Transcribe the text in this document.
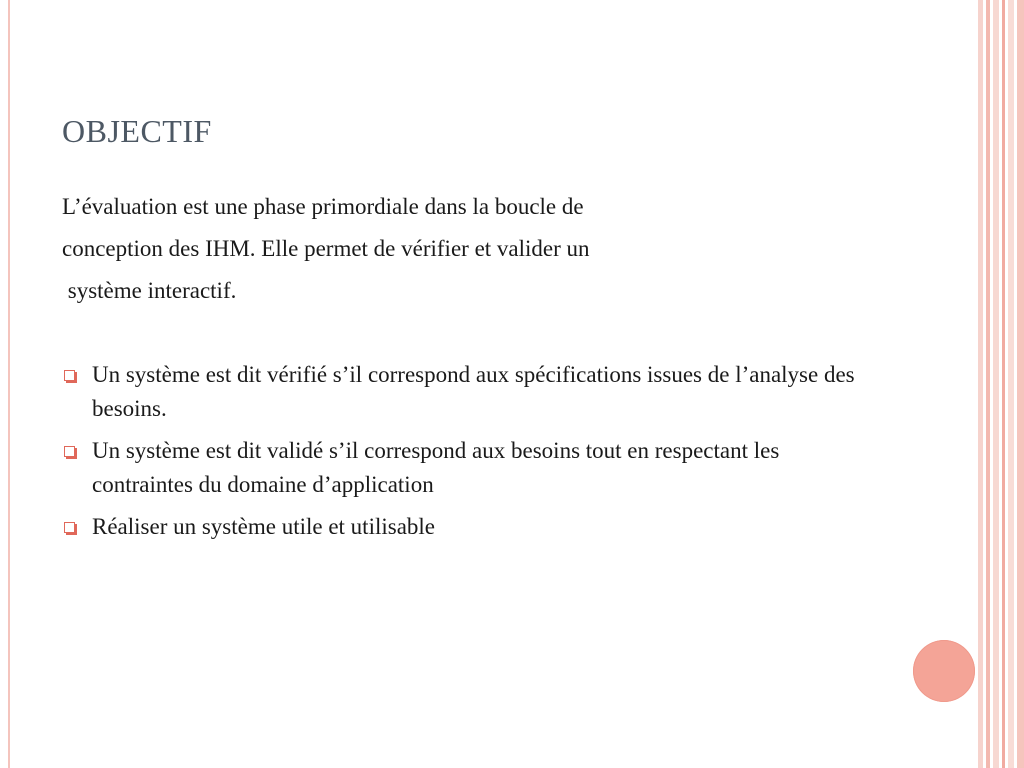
OBJECTIF
L’évaluation est une phase primordiale dans la boucle de
conception des IHM. Elle permet de vérifier et valider un
système interactif.
Un système est dit vérifié s’il correspond aux spécifications issues de l’analyse des besoins.
Un système est dit validé s’il correspond aux besoins tout en respectant les contraintes du domaine d’application
Réaliser un système utile et utilisable
